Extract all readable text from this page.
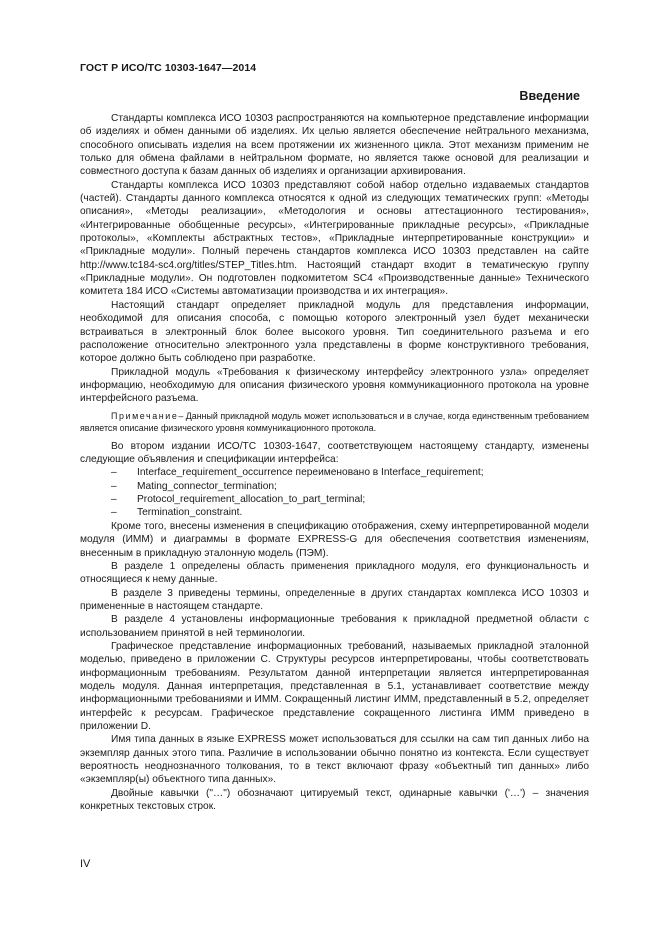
ГОСТ Р ИСО/ТС 10303-1647—2014
Введение

Стандарты комплекса ИСО 10303 распространяются на компьютерное представление информации об изделиях и обмен данными об изделиях. Их целью является обеспечение нейтрального механизма, способного описывать изделия на всем протяжении их жизненного цикла. Этот механизм применим не только для обмена файлами в нейтральном формате, но является также основой для реализации и совместного доступа к базам данных об изделиях и организации архивирования.

Стандарты комплекса ИСО 10303 представляют собой набор отдельно издаваемых стандартов (частей). Стандарты данного комплекса относятся к одной из следующих тематических групп: «Методы описания», «Методы реализации», «Методология и основы аттестационного тестирования», «Интегрированные обобщенные ресурсы», «Интегрированные прикладные ресурсы», «Прикладные протоколы», «Комплекты абстрактных тестов», «Прикладные интерпретированные конструкции» и «Прикладные модули». Полный перечень стандартов комплекса ИСО 10303 представлен на сайте http://www.tc184-sc4.org/titles/STEP_Titles.htm. Настоящий стандарт входит в тематическую группу «Прикладные модули». Он подготовлен подкомитетом SC4 «Производственные данные» Технического комитета 184 ИСО «Системы автоматизации производства и их интеграция».

Настоящий стандарт определяет прикладной модуль для представления информации, необходимой для описания способа, с помощью которого электронный узел будет механически встраиваться в электронный блок более высокого уровня. Тип соединительного разъема и его расположение относительно электронного узла представлены в форме конструктивного требования, которое должно быть соблюдено при разработке.

Прикладной модуль «Требования к физическому интерфейсу электронного узла» определяет информацию, необходимую для описания физического уровня коммуникационного протокола на уровне интерфейсного разъема.

Примечание– Данный прикладной модуль может использоваться и в случае, когда единственным требованием является описание физического уровня коммуникационного протокола.

Во втором издании ИСО/ТС 10303-1647, соответствующем настоящему стандарту, изменены следующие объявления и спецификации интерфейса:

– Interface_requirement_occurrence переименовано в Interface_requirement;
– Mating_connector_termination;
– Protocol_requirement_allocation_to_part_terminal;
– Termination_constraint.

Кроме того, внесены изменения в спецификацию отображения, схему интерпретированной модели модуля (ИММ) и диаграммы в формате EXPRESS-G для обеспечения соответствия изменениям, внесенным в прикладную эталонную модель (ПЭМ).

В разделе 1 определены область применения прикладного модуля, его функциональность и относящиеся к нему данные.

В разделе 3 приведены термины, определенные в других стандартах комплекса ИСО 10303 и примененные в настоящем стандарте.

В разделе 4 установлены информационные требования к прикладной предметной области с использованием принятой в ней терминологии.

Графическое представление информационных требований, называемых прикладной эталонной моделью, приведено в приложении С. Структуры ресурсов интерпретированы, чтобы соответствовать информационным требованиям. Результатом данной интерпретации является интерпретированная модель модуля. Данная интерпретация, представленная в 5.1, устанавливает соответствие между информационными требованиями и ИММ. Сокращенный листинг ИММ, представленный в 5.2, определяет интерфейс к ресурсам. Графическое представление сокращенного листинга ИММ приведено в приложении D.

Имя типа данных в языке EXPRESS может использоваться для ссылки на сам тип данных либо на экземпляр данных этого типа. Различие в использовании обычно понятно из контекста. Если существует вероятность неоднозначного толкования, то в текст включают фразу «объектный тип данных» либо «экземпляр(ы) объектного типа данных».

Двойные кавычки ("…") обозначают цитируемый текст, одинарные кавычки ('…') – значения конкретных текстовых строк.

IV
